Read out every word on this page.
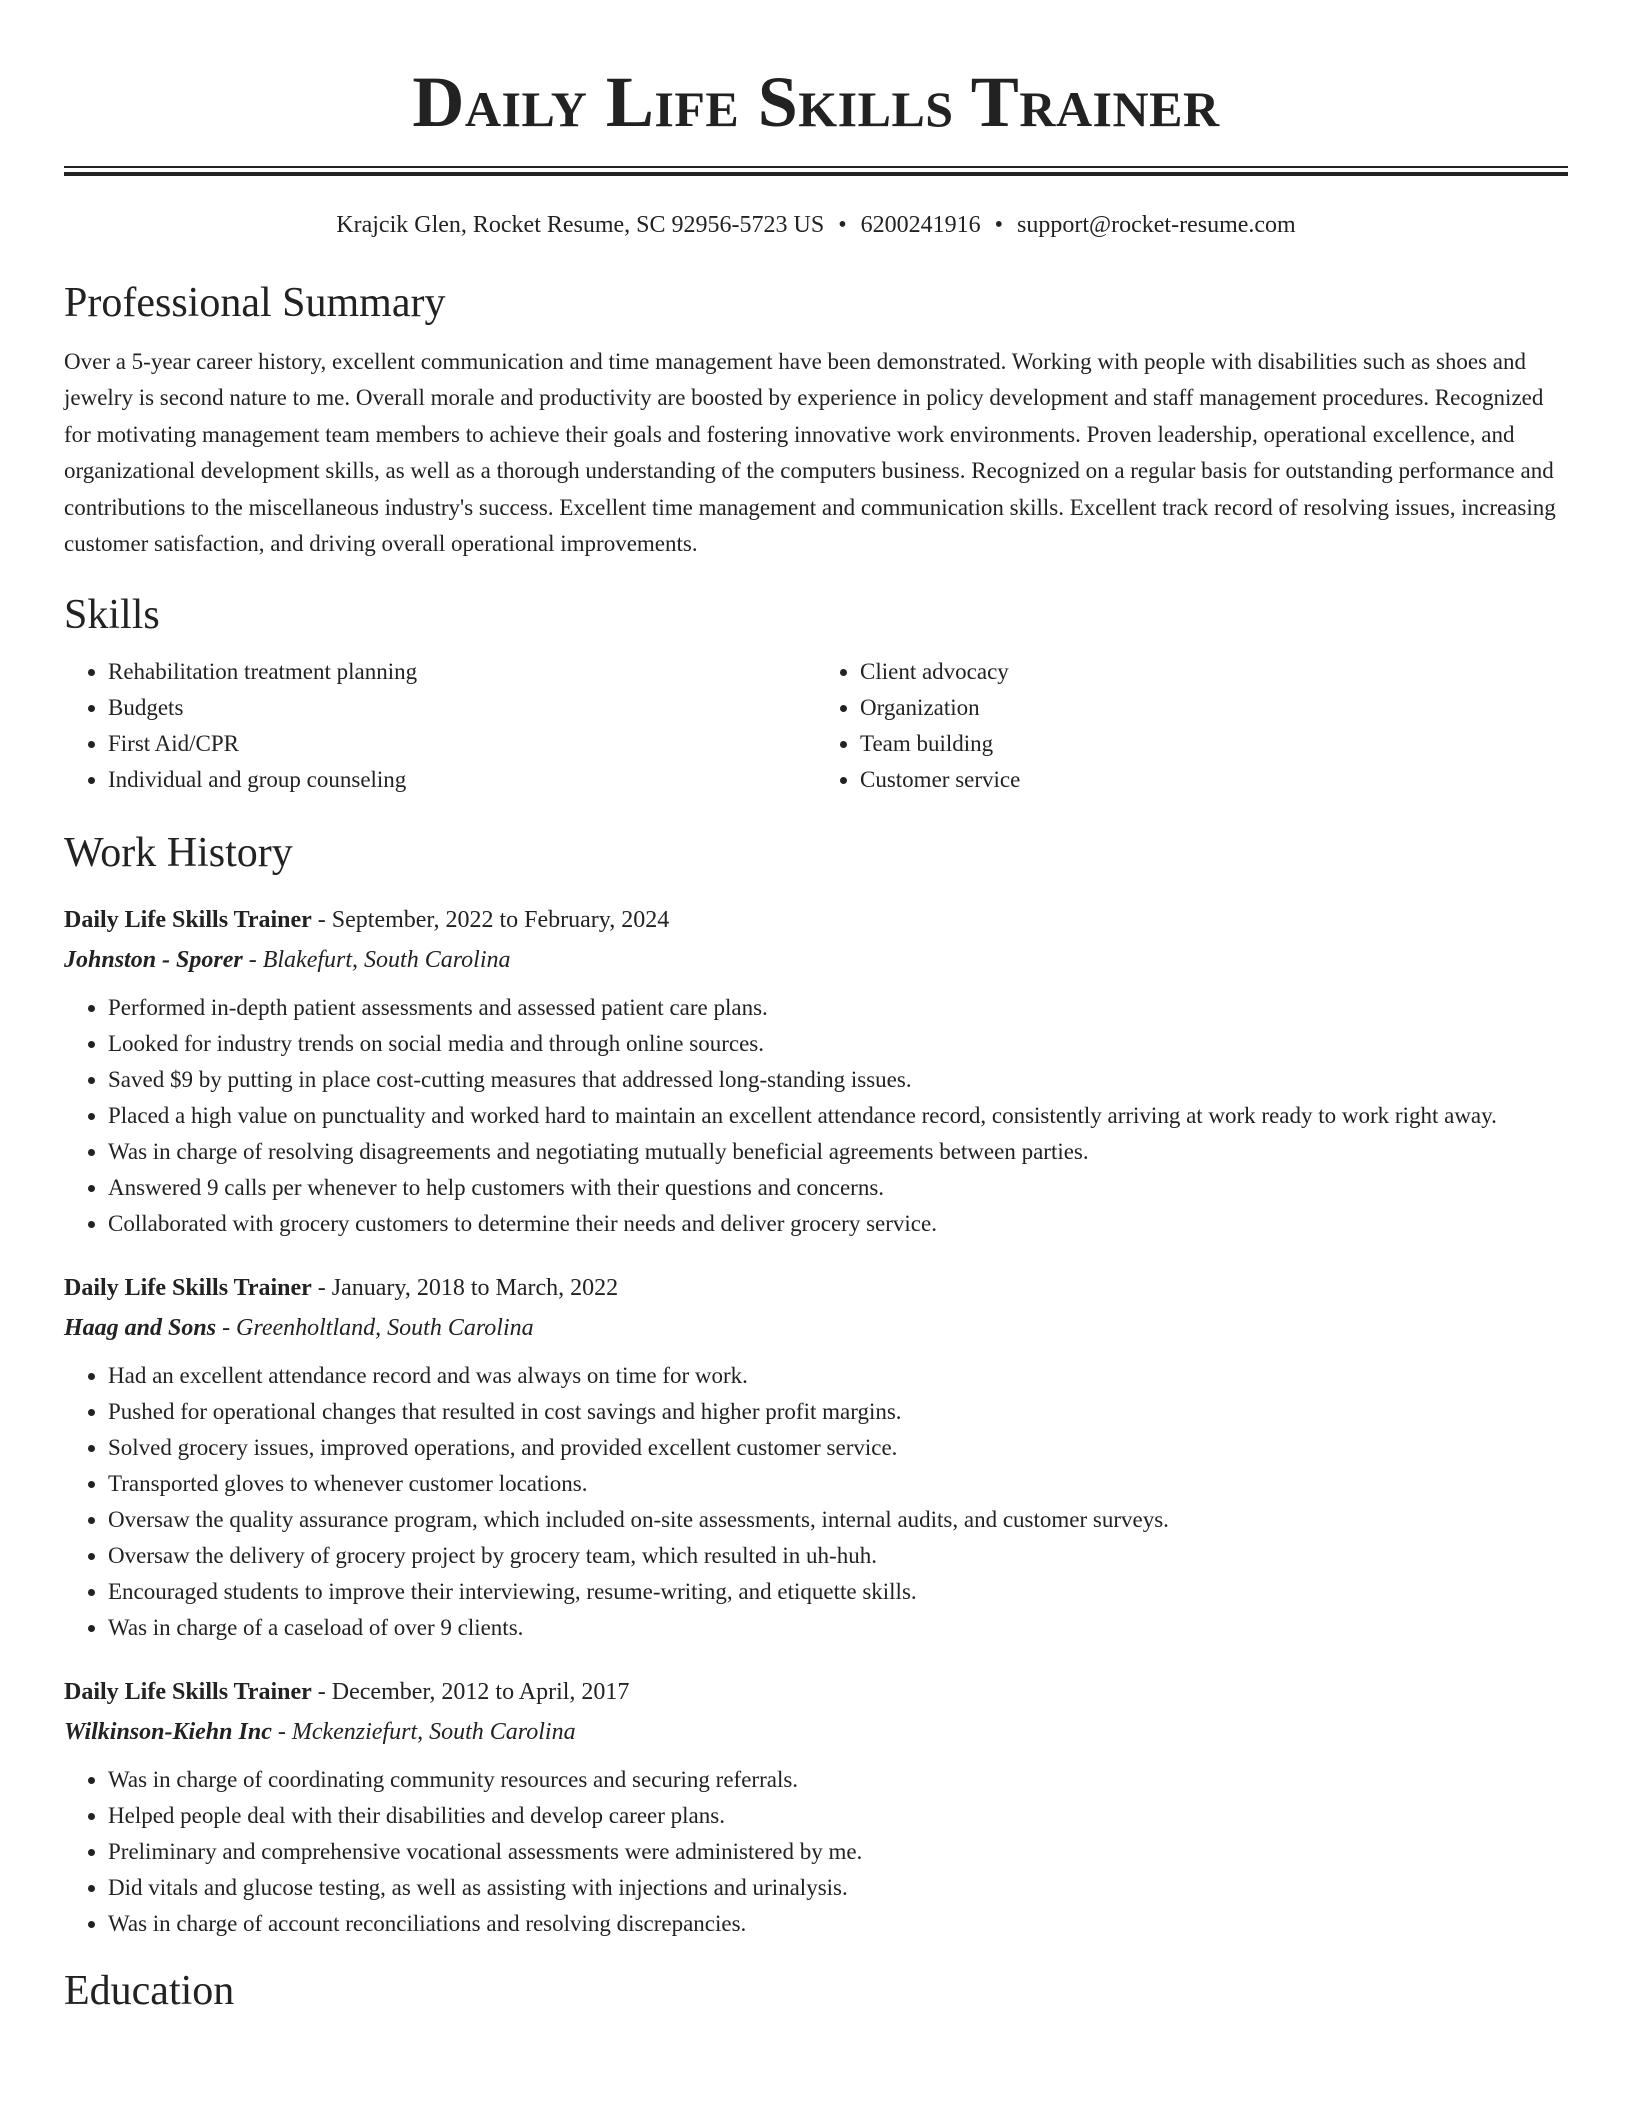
Daily Life Skills Trainer
Krajcik Glen, Rocket Resume, SC 92956-5723 US • 6200241916 • support@rocket-resume.com
Professional Summary

Over a 5-year career history, excellent communication and time management have been demonstrated. Working with people with disabilities such as shoes and jewelry is second nature to me. Overall morale and productivity are boosted by experience in policy development and staff management procedures. Recognized for motivating management team members to achieve their goals and fostering innovative work environments. Proven leadership, operational excellence, and organizational development skills, as well as a thorough understanding of the computers business. Recognized on a regular basis for outstanding performance and contributions to the miscellaneous industry's success. Excellent time management and communication skills. Excellent track record of resolving issues, increasing customer satisfaction, and driving overall operational improvements.

Skills
• Rehabilitation treatment planning
• Budgets
• First Aid/CPR
• Individual and group counseling
• Client advocacy
• Organization
• Team building
• Customer service
Work History
Daily Life Skills Trainer - September, 2022 to February, 2024
Johnston - Sporer - Blakefurt, South Carolina
• Performed in-depth patient assessments and assessed patient care plans.
• Looked for industry trends on social media and through online sources.
• Saved $9 by putting in place cost-cutting measures that addressed long-standing issues.
• Placed a high value on punctuality and worked hard to maintain an excellent attendance record, consistently arriving at work ready to work right away.
• Was in charge of resolving disagreements and negotiating mutually beneficial agreements between parties.
• Answered 9 calls per whenever to help customers with their questions and concerns.
• Collaborated with grocery customers to determine their needs and deliver grocery service.
Daily Life Skills Trainer - January, 2018 to March, 2022
Haag and Sons - Greenholtland, South Carolina
• Had an excellent attendance record and was always on time for work.
• Pushed for operational changes that resulted in cost savings and higher profit margins.
• Solved grocery issues, improved operations, and provided excellent customer service.
• Transported gloves to whenever customer locations.
• Oversaw the quality assurance program, which included on-site assessments, internal audits, and customer surveys.
• Oversaw the delivery of grocery project by grocery team, which resulted in uh-huh.
• Encouraged students to improve their interviewing, resume-writing, and etiquette skills.
• Was in charge of a caseload of over 9 clients.
Daily Life Skills Trainer - December, 2012 to April, 2017
Wilkinson-Kiehn Inc - Mckenziefurt, South Carolina
• Was in charge of coordinating community resources and securing referrals.
• Helped people deal with their disabilities and develop career plans.
• Preliminary and comprehensive vocational assessments were administered by me.
• Did vitals and glucose testing, as well as assisting with injections and urinalysis.
• Was in charge of account reconciliations and resolving discrepancies.
Education
